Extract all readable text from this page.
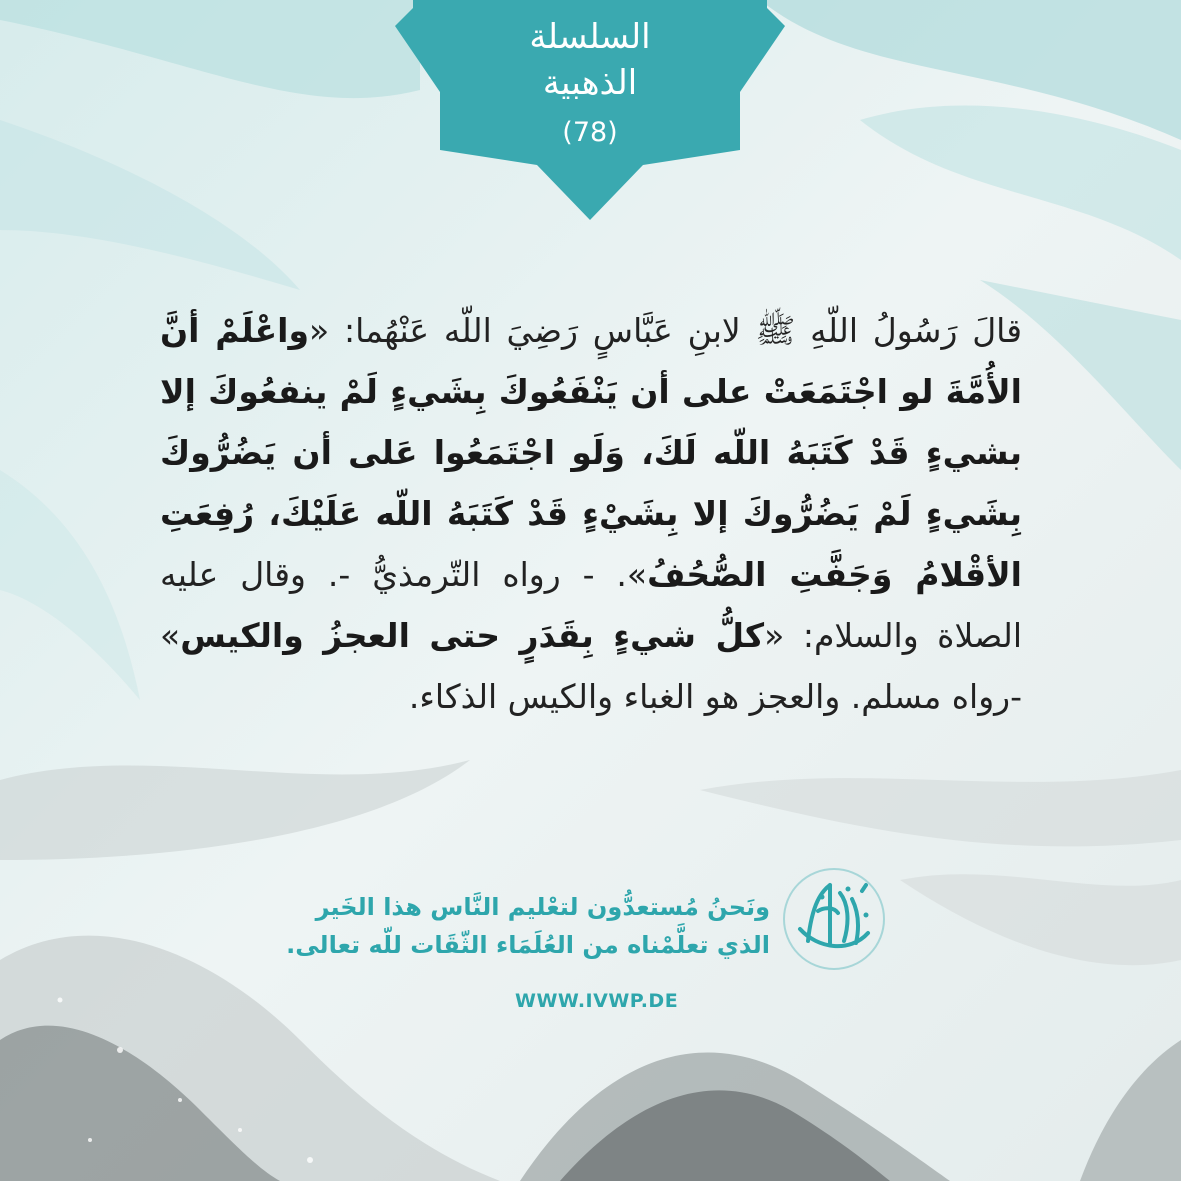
السلسلة
الذهبية
(78)

قالَ رَسُولُ اللّهِ ﷺ لابنِ عَبَّاسٍ رَضِيَ اللّه عَنْهُما: «واعْلَمْ أنَّ الأُمَّةَ لو اجْتَمَعَتْ على أن يَنْفَعُوكَ بِشَيءٍ لَمْ ينفعُوكَ إلا بشيءٍ قَدْ كَتَبَهُ اللّه لَكَ، وَلَو اجْتَمَعُوا عَلى أن يَضُرُّوكَ بِشَيءٍ لَمْ يَضُرُّوكَ إلا بِشَيْءٍ قَدْ كَتَبَهُ اللّه عَلَيْكَ، رُفِعَتِ الأقْلامُ وَجَفَّتِ الصُّحُفُ». - رواه التّرمذيُّ -. وقال عليه الصلاة والسلام: «كلُّ شيءٍ بِقَدَرٍ حتى العجزُ والكيس» -رواه مسلم. والعجز هو الغباء والكيس الذكاء.

ونَحنُ مُستعدُّون لتعْليم النَّاس هذا الخَير
الذي تعلَّمْناه من العُلَمَاء الثّقَات للّه تعالى.
WWW.IVWP.DE
